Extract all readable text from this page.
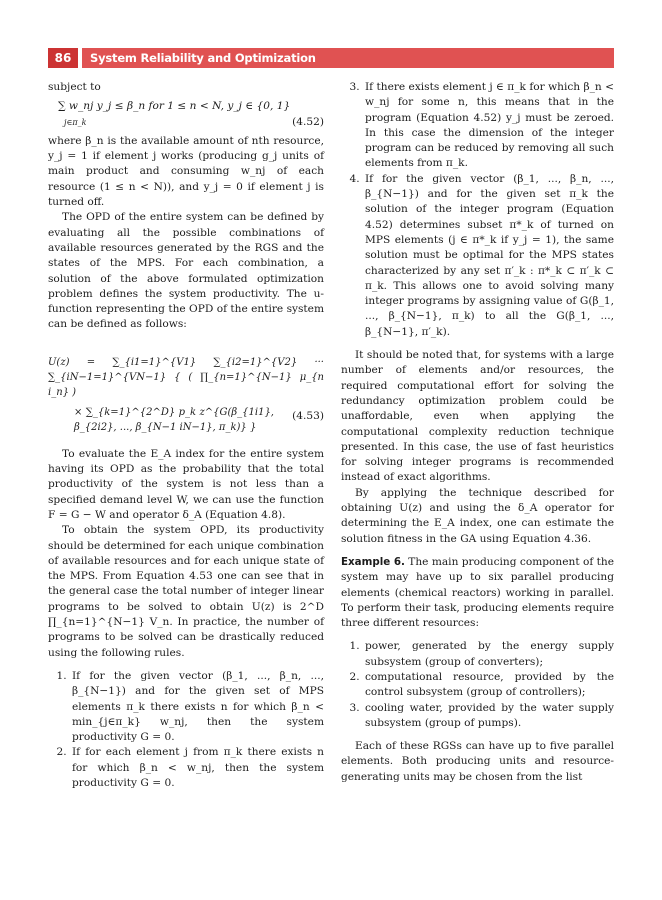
86	System Reliability and Optimization

subject to

∑ w_nj y_j ≤ β_n for 1 ≤ n < N, y_j ∈ {0, 1}
j∈π_k	(4.52)

where β_n is the available amount of nth resource, y_j = 1 if element j works (producing g_j units of main product and consuming w_nj of each resource (1 ≤ n < N)), and y_j = 0 if element j is turned off.

The OPD of the entire system can be defined by evaluating all the possible combinations of available resources generated by the RGS and the states of the MPS. For each combination, a solution of the above formulated optimization problem defines the system productivity. The u-function representing the OPD of the entire system can be defined as follows:

U(z) = ∑_{i1=1}^{V1} ∑_{i2=1}^{V2} ··· ∑_{iN−1=1}^{VN−1} { ( ∏_{n=1}^{N−1} μ_{n i_n} )
× ∑_{k=1}^{2^D} p_k z^{G(β_{1i1}, β_{2i2}, ..., β_{N−1 iN−1}, π_k)} }
(4.53)

To evaluate the E_A index for the entire system having its OPD as the probability that the total productivity of the system is not less than a specified demand level W, we can use the function F = G − W and operator δ_A (Equation 4.8).

To obtain the system OPD, its productivity should be determined for each unique combination of available resources and for each unique state of the MPS. From Equation 4.53 one can see that in the general case the total number of integer linear programs to be solved to obtain U(z) is 2^D ∏_{n=1}^{N−1} V_n. In practice, the number of programs to be solved can be drastically reduced using the following rules.

1. If for the given vector (β_1, ..., β_n, ..., β_{N−1}) and for the given set of MPS elements π_k there exists n for which β_n < min_{j∈π_k} w_nj, then the system productivity G = 0.
2. If for each element j from π_k there exists n for which β_n < w_nj, then the system productivity G = 0.
3. If there exists element j ∈ π_k for which β_n < w_nj for some n, this means that in the program (Equation 4.52) y_j must be zeroed. In this case the dimension of the integer program can be reduced by removing all such elements from π_k.
4. If for the given vector (β_1, ..., β_n, ..., β_{N−1}) and for the given set π_k the solution of the integer program (Equation 4.52) determines subset π*_k of turned on MPS elements (j ∈ π*_k if y_j = 1), the same solution must be optimal for the MPS states characterized by any set π′_k : π*_k ⊂ π′_k ⊂ π_k. This allows one to avoid solving many integer programs by assigning value of G(β_1, ..., β_{N−1}, π_k) to all the G(β_1, ..., β_{N−1}, π′_k).

It should be noted that, for systems with a large number of elements and/or resources, the required computational effort for solving the redundancy optimization problem could be unaffordable, even when applying the computational complexity reduction technique presented. In this case, the use of fast heuristics for solving integer programs is recommended instead of exact algorithms.

By applying the technique described for obtaining U(z) and using the δ_A operator for determining the E_A index, one can estimate the solution fitness in the GA using Equation 4.36.

Example 6. The main producing component of the system may have up to six parallel producing elements (chemical reactors) working in parallel. To perform their task, producing elements require three different resources:

1. power, generated by the energy supply subsystem (group of converters);
2. computational resource, provided by the control subsystem (group of controllers);
3. cooling water, provided by the water supply subsystem (group of pumps).

Each of these RGSs can have up to five parallel elements. Both producing units and resource-generating units may be chosen from the list
